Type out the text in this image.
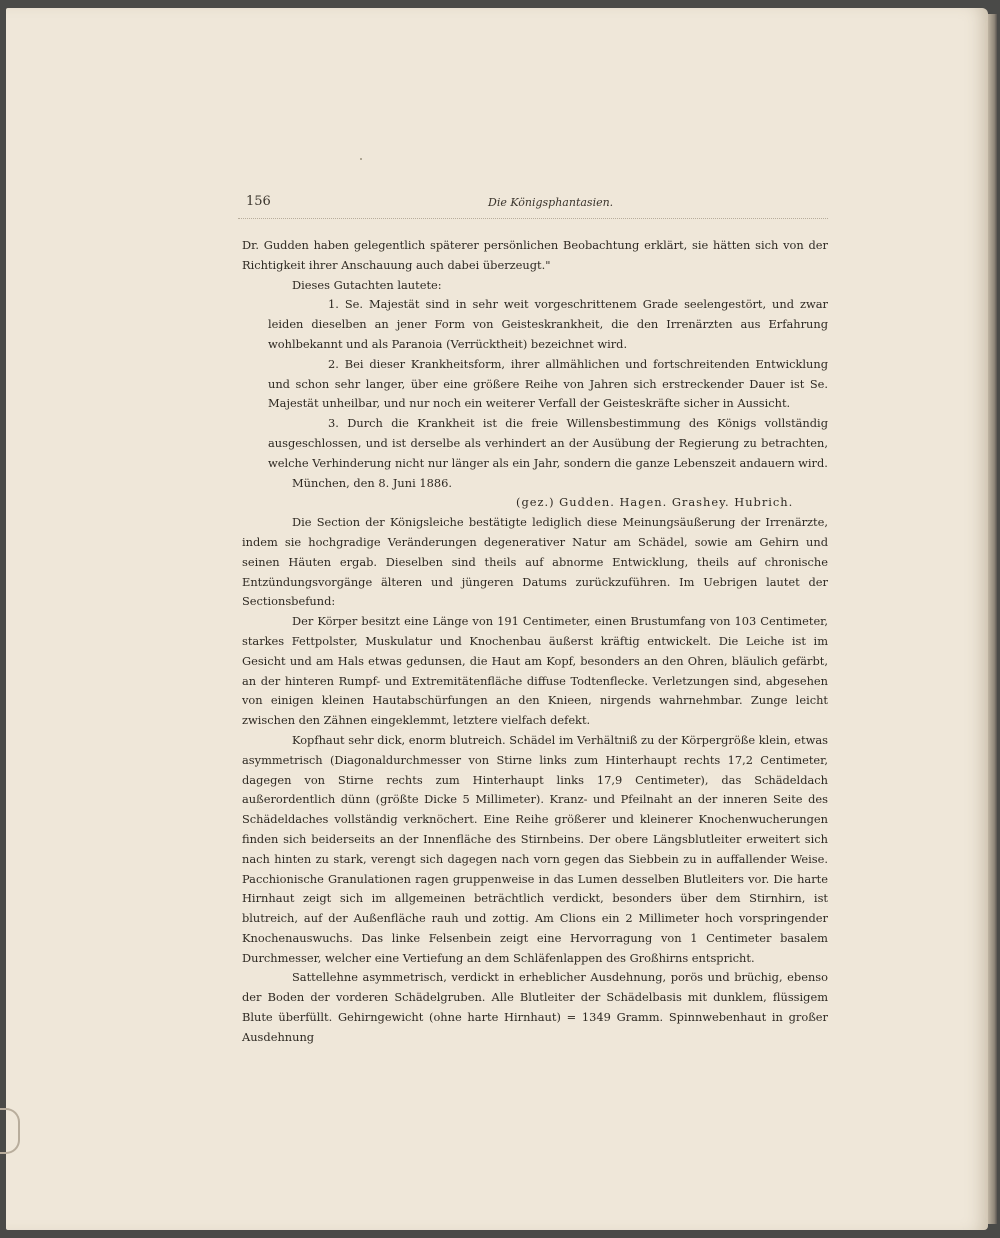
156	Die Königsphantasien.

Dr. Gudden haben gelegentlich späterer persönlichen Beobachtung erklärt, sie hätten sich von der Richtigkeit ihrer Anschauung auch dabei überzeugt."

Dieses Gutachten lautete:

1. Se. Majestät sind in sehr weit vorgeschrittenem Grade seelengestört, und zwar leiden dieselben an jener Form von Geisteskrankheit, die den Irrenärzten aus Erfahrung wohlbekannt und als Paranoia (Verrücktheit) bezeichnet wird.

2. Bei dieser Krankheitsform, ihrer allmählichen und fortschreitenden Entwicklung und schon sehr langer, über eine größere Reihe von Jahren sich erstreckender Dauer ist Se. Majestät unheilbar, und nur noch ein weiterer Verfall der Geisteskräfte sicher in Aussicht.

3. Durch die Krankheit ist die freie Willensbestimmung des Königs vollständig ausgeschlossen, und ist derselbe als verhindert an der Ausübung der Regierung zu betrachten, welche Verhinderung nicht nur länger als ein Jahr, sondern die ganze Lebenszeit andauern wird.

München, den 8. Juni 1886.

(gez.) Gudden. Hagen. Grashey. Hubrich.

Die Section der Königsleiche bestätigte lediglich diese Meinungsäußerung der Irrenärzte, indem sie hochgradige Veränderungen degenerativer Natur am Schädel, sowie am Gehirn und seinen Häuten ergab. Dieselben sind theils auf abnorme Entwicklung, theils auf chronische Entzündungsvorgänge älteren und jüngeren Datums zurückzuführen. Im Uebrigen lautet der Sectionsbefund:

Der Körper besitzt eine Länge von 191 Centimeter, einen Brustumfang von 103 Centimeter, starkes Fettpolster, Muskulatur und Knochenbau äußerst kräftig entwickelt. Die Leiche ist im Gesicht und am Hals etwas gedunsen, die Haut am Kopf, besonders an den Ohren, bläulich gefärbt, an der hinteren Rumpf- und Extremitätenfläche diffuse Todtenflecke. Verletzungen sind, abgesehen von einigen kleinen Hautabschürfungen an den Knieen, nirgends wahrnehmbar. Zunge leicht zwischen den Zähnen eingeklemmt, letztere vielfach defekt.

Kopfhaut sehr dick, enorm blutreich. Schädel im Verhältniß zu der Körpergröße klein, etwas asymmetrisch (Diagonaldurchmesser von Stirne links zum Hinterhaupt rechts 17,2 Centimeter, dagegen von Stirne rechts zum Hinterhaupt links 17,9 Centimeter), das Schädeldach außerordentlich dünn (größte Dicke 5 Millimeter). Kranz- und Pfeilnaht an der inneren Seite des Schädeldaches vollständig verknöchert. Eine Reihe größerer und kleinerer Knochenwucherungen finden sich beiderseits an der Innenfläche des Stirnbeins. Der obere Längsblutleiter erweitert sich nach hinten zu stark, verengt sich dagegen nach vorn gegen das Siebbein zu in auffallender Weise. Pacchionische Granulationen ragen gruppenweise in das Lumen desselben Blutleiters vor. Die harte Hirnhaut zeigt sich im allgemeinen beträchtlich verdickt, besonders über dem Stirnhirn, ist blutreich, auf der Außenfläche rauh und zottig. Am Clions ein 2 Millimeter hoch vorspringender Knochenauswuchs. Das linke Felsenbein zeigt eine Hervorragung von 1 Centimeter basalem Durchmesser, welcher eine Vertiefung an dem Schläfenlappen des Großhirns entspricht.

Sattellehne asymmetrisch, verdickt in erheblicher Ausdehnung, porös und brüchig, ebenso der Boden der vorderen Schädelgruben. Alle Blutleiter der Schädelbasis mit dunklem, flüssigem Blute überfüllt. Gehirngewicht (ohne harte Hirnhaut) = 1349 Gramm. Spinnwebenhaut in großer Ausdehnung
